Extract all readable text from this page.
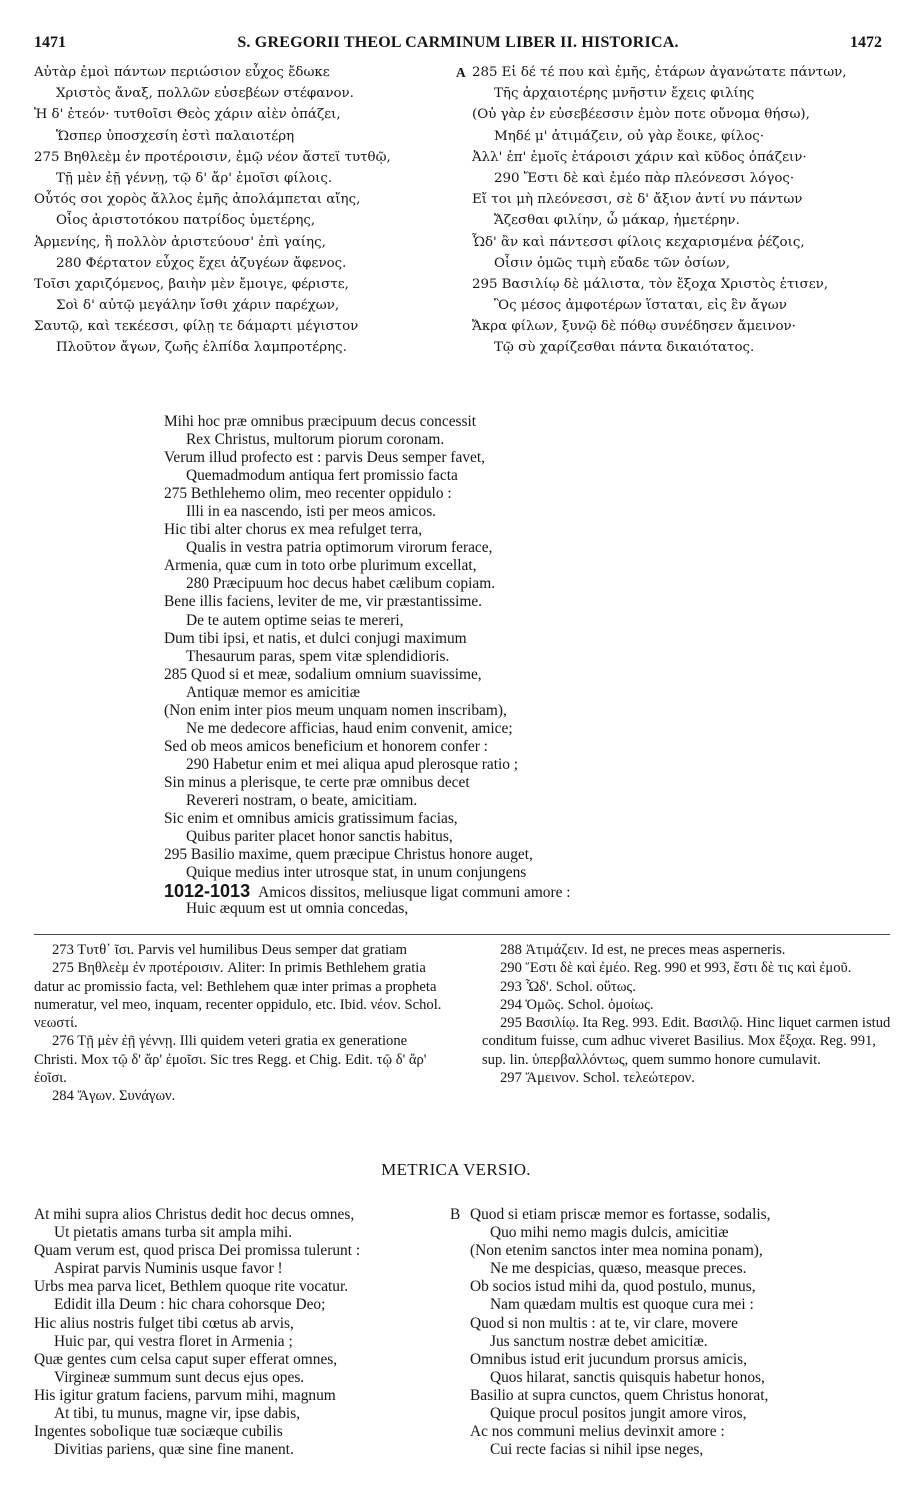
1471	S. GREGORII THEOL CARMINUM LIBER II. HISTORICA.	1472
Αὐτὰρ ἐμοὶ πάντων περιώσιον εὖχος ἔδωκε
Χριστὸς ἄναξ, πολλῶν εὐσεβέων στέφανον.
Ἡ δ' ἐτεόν· τυτθοῖσι Θεὸς χάριν αἰὲν ὀπάζει,
Ὥσπερ ὑποσχεσίη ἐστὶ παλαιοτέρη
275 Βηθλεὲμ ἐν προτέροισιν, ἐμῷ νέον ἄστεϊ τυτθῷ,
Τῇ μὲν ἐῇ γέννῃ, τῷ δ' ἄρ' ἐμοῖσι φίλοις.
Οὗτός σοι χορὸς ἄλλος ἐμῆς ἀπολάμπεται αἴης,
Οἷος ἀριστοτόκου πατρίδος ὑμετέρης,
Ἀρμενίης, ἣ πολλὸν ἀριστεύουσ' ἐπὶ γαίης,
280 Φέρτατον εὖχος ἔχει ἀζυγέων ἄφενος.
Τοῖσι χαριζόμενος, βαιὴν μὲν ἔμοιγε, φέριστε,
Σοὶ δ' αὐτῷ μεγάλην ἴσθι χάριν παρέχων,
Σαυτῷ, καὶ τεκέεσσι, φίλῃ τε δάμαρτι μέγιστον
Πλοῦτον ἄγων, ζωῆς ἐλπίδα λαμπροτέρης.
A 285 Εἰ δέ τέ που καὶ ἐμῆς, ἑτάρων ἀγανώτατε πάντων,
Τῆς ἀρχαιοτέρης μνῆστιν ἔχεις φιλίης
(Οὐ γὰρ ἐν εὐσεβέεσσιν ἐμὸν ποτε οὔνομα θήσω),
Μηδέ μ' ἀτιμάζειν, οὐ γὰρ ἔοικε, φίλος·
Ἀλλ' ἐπ' ἐμοῖς ἑτάροισι χάριν καὶ κῦδος ὀπάζειν·
290 Ἔστι δὲ καὶ ἐμέο πὰρ πλεόνεσσι λόγος·
Εἴ τοι μὴ πλεόνεσσι, σὲ δ' ἄξιον ἀντί νυ πάντων
Ἄζεσθαι φιλίην, ὦ μάκαρ, ἡμετέρην.
Ὧδ' ἂν καὶ πάντεσσι φίλοις κεχαρισμένα ῥέζοις,
Οἷσιν ὁμῶς τιμὴ εὔαδε τῶν ὁσίων,
295 Βασιλίῳ δὲ μάλιστα, τὸν ἔξοχα Χριστὸς ἐτισεν,
Ὃς μέσος ἀμφοτέρων ἵσταται, εἰς ἓν ἄγων
Ἄκρα φίλων, ξυνῷ δὲ πόθῳ συνέδησεν ἄμεινον·
Τῷ σὺ χαρίζεσθαι πάντα δικαιότατος.
Mihi hoc præ omnibus præcipuum decus concessit
Rex Christus, multorum piorum coronam.
Verum illud profecto est : parvis Deus semper favet,
Quemadmodum antiqua fert promissio facta
275 Bethlehemo olim, meo recenter oppidulo :
Illi in ea nascendo, isti per meos amicos.
Hic tibi alter chorus ex mea refulget terra,
Qualis in vestra patria optimorum virorum ferace,
Armenia, quæ cum in toto orbe plurimum excellat,
280 Præcipuum hoc decus habet cælibum copiam.
Bene illis faciens, leviter de me, vir præstantissime.
De te autem optime seias te mereri,
Dum tibi ipsi, et natis, et dulci conjugi maximum
Thesaurum paras, spem vitæ splendidioris.
285 Quod si et meæ, sodalium omnium suavissime,
Antiquæ memor es amicitiæ
(Non enim inter pios meum unquam nomen inscribam),
Ne me dedecore afficias, haud enim convenit, amice;
Sed ob meos amicos beneficium et honorem confer :
290 Habetur enim et mei aliqua apud plerosque ratio ;
Sin minus a plerisque, te certe præ omnibus decet
Revereri nostram, o beate, amicitiam.
Sic enim et omnibus amicis gratissimum facias,
Quibus pariter placet honor sanctis habitus,
295 Basilio maxime, quem præcipue Christus honore auget,
Quique medius inter utrosque stat, in unum conjungens
1012-1013 Amicos dissitos, meliusque ligat communi amore :
Huic æquum est ut omnia concedas,

273 Τυτθ῾ ῖσι. Parvis vel humilibus Deus semper dat gratiam

275 Βηθλεὲμ ἐν προτέροισιν. Aliter: In primis Bethlehem gratia datur ac promissio facta, vel: Bethlehem quæ inter primas a propheta numeratur, vel meo, inquam, recenter oppidulo, etc. Ibid. νέον. Schol. νεωστί.

276 Τῇ μὲν ἐῇ γέννῃ. Illi quidem veteri gratia ex generatione Christi. Mox τῷ δ' ἄρ' ἐμοῖσι. Sic tres Regg. et Chig. Edit. τῷ δ' ἄρ' ἐοῖσι.

284 Ἄγων. Συνάγων.

288 Ἀτιμάζειν. Id est, ne preces meas asperneris.

290 Ἔστι δὲ καὶ ἐμέο. Reg. 990 et 993, ἔστι δὲ τις καὶ ἐμοῦ.

293 Ὧδ'. Schol. οὕτως.

294 Ὁμῶς. Schol. ὁμοίως.

295 Βασιλίῳ. Ita Reg. 993. Edit. Βασιλῷ. Hinc liquet carmen istud conditum fuisse, cum adhuc viveret Basilius. Mox ἔξοχα. Reg. 991, sup. lin. ὑπερβαλλόντως, quem summo honore cumulavit.

297 Ἄμεινον. Schol. τελεώτερον.

METRICA VERSIO.
At mihi supra alios Christus dedit hoc decus omnes,
Ut pietatis amans turba sit ampla mihi.
Quam verum est, quod prisca Dei promissa tulerunt :
Aspirat parvis Numinis usque favor !
Urbs mea parva licet, Bethlem quoque rite vocatur.
Edidit illa Deum : hic chara cohorsque Deo;
Hic alius nostris fulget tibi cœtus ab arvis,
Huic par, qui vestra floret in Armenia ;
Quæ gentes cum celsa caput super efferat omnes,
Virgineæ summum sunt decus ejus opes.
His igitur gratum faciens, parvum mihi, magnum
At tibi, tu munus, magne vir, ipse dabis,
Ingentes soboIique tuæ sociæque cubilis
Divitias pariens, quæ sine fine manent.
B Quod si etiam priscæ memor es fortasse, sodalis,
Quo mihi nemo magis dulcis, amicitiæ
(Non etenim sanctos inter mea nomina ponam),
Ne me despicias, quæso, measque preces.
Ob socios istud mihi da, quod postulo, munus,
Nam quædam multis est quoque cura mei :
Quod si non multis : at te, vir clare, movere
Jus sanctum nostræ debet amicitiæ.
Omnibus istud erit jucundum prorsus amicis,
Quos hilarat, sanctis quisquis habetur honos,
Basilio at supra cunctos, quem Christus honorat,
Quique procul positos jungit amore viros,
Ac nos communi melius devinxit amore :
Cui recte facias si nihil ipse neges,
